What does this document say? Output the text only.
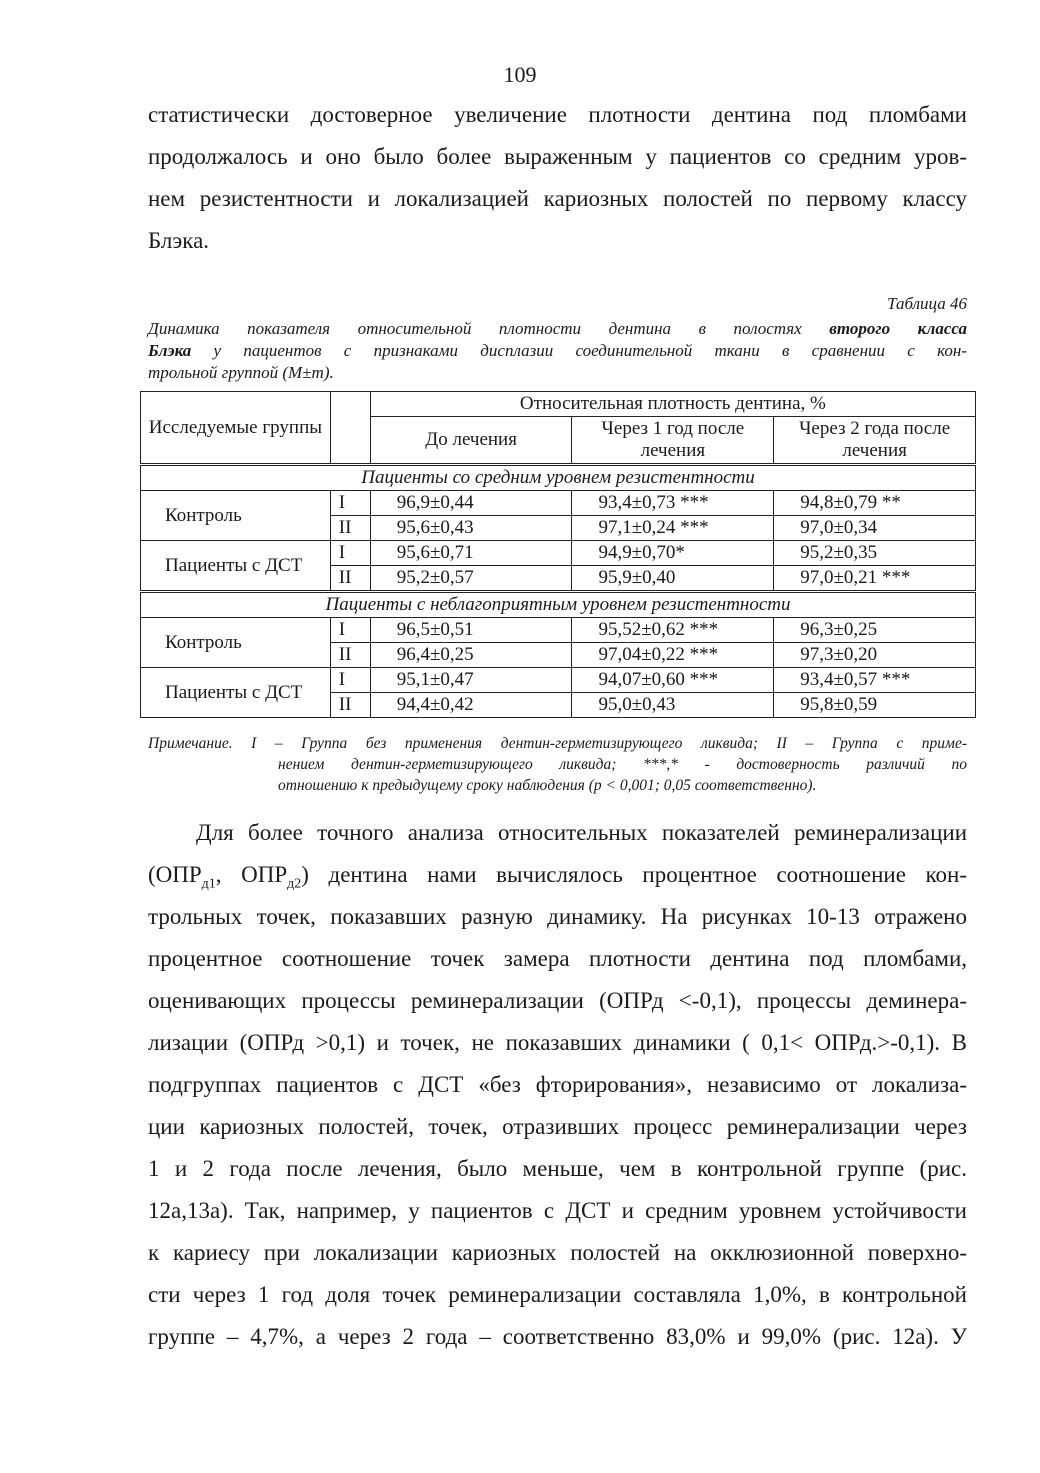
109
статистически достоверное увеличение плотности дентина под пломбами
продолжалось и оно было более выраженным у пациентов со средним уров-
нем резистентности и локализацией кариозных полостей по первому классу
Блэка.
Таблица 46
Динамика показателя относительной плотности дентина в полостях второго класса
Блэка у пациентов с признаками дисплазии соединительной ткани в сравнении с кон-
трольной группой (M±m).
Исследуемые группы		Относительная плотность дентина, %		
		До лечения	Через 1 год после лечения	Через 2 года после лечения
Пациенты со средним уровнем резистентности				
Контроль	I	96,9±0,44	93,4±0,73 ***	94,8±0,79 **
	II	95,6±0,43	97,1±0,24 ***	97,0±0,34
Пациенты с ДСТ	I	95,6±0,71	94,9±0,70*	95,2±0,35
	II	95,2±0,57	95,9±0,40	97,0±0,21 ***
Пациенты с неблагоприятным уровнем резистентности				
Контроль	I	96,5±0,51	95,52±0,62 ***	96,3±0,25
	II	96,4±0,25	97,04±0,22 ***	97,3±0,20
Пациенты с ДСТ	I	95,1±0,47	94,07±0,60 ***	93,4±0,57 ***
	II	94,4±0,42	95,0±0,43	95,8±0,59
Примечание. I – Группа без применения дентин-герметизирующего ликвида; II – Группа с приме-
нением дентин-герметизирующего ликвида; ***,* - достоверность различий по
отношению к предыдущему сроку наблюдения (p < 0,001; 0,05 соответственно).
Для более точного анализа относительных показателей реминерализации
($ОПР_{д1}$, $ОПР_{д2}$) дентина нами вычислялось процентное соотношение кон-
трольных точек, показавших разную динамику. На рисунках 10-13 отражено
процентное соотношение точек замера плотности дентина под пломбами,
оценивающих процессы реминерализации (ОПРд <-0,1), процессы деминера-
лизации (ОПРд >0,1) и точек, не показавших динамики ( 0,1< ОПРд.>-0,1). В
подгруппах пациентов с ДСТ «без фторирования», независимо от локализа-
ции кариозных полостей, точек, отразивших процесс реминерализации через
1 и 2 года после лечения, было меньше, чем в контрольной группе (рис.
12а,13а). Так, например, у пациентов с ДСТ и средним уровнем устойчивости
к кариесу при локализации кариозных полостей на окклюзионной поверхно-
сти через 1 год доля точек реминерализации составляла 1,0%, в контрольной
группе – 4,7%, а через 2 года – соответственно 83,0% и 99,0% (рис. 12а). У
